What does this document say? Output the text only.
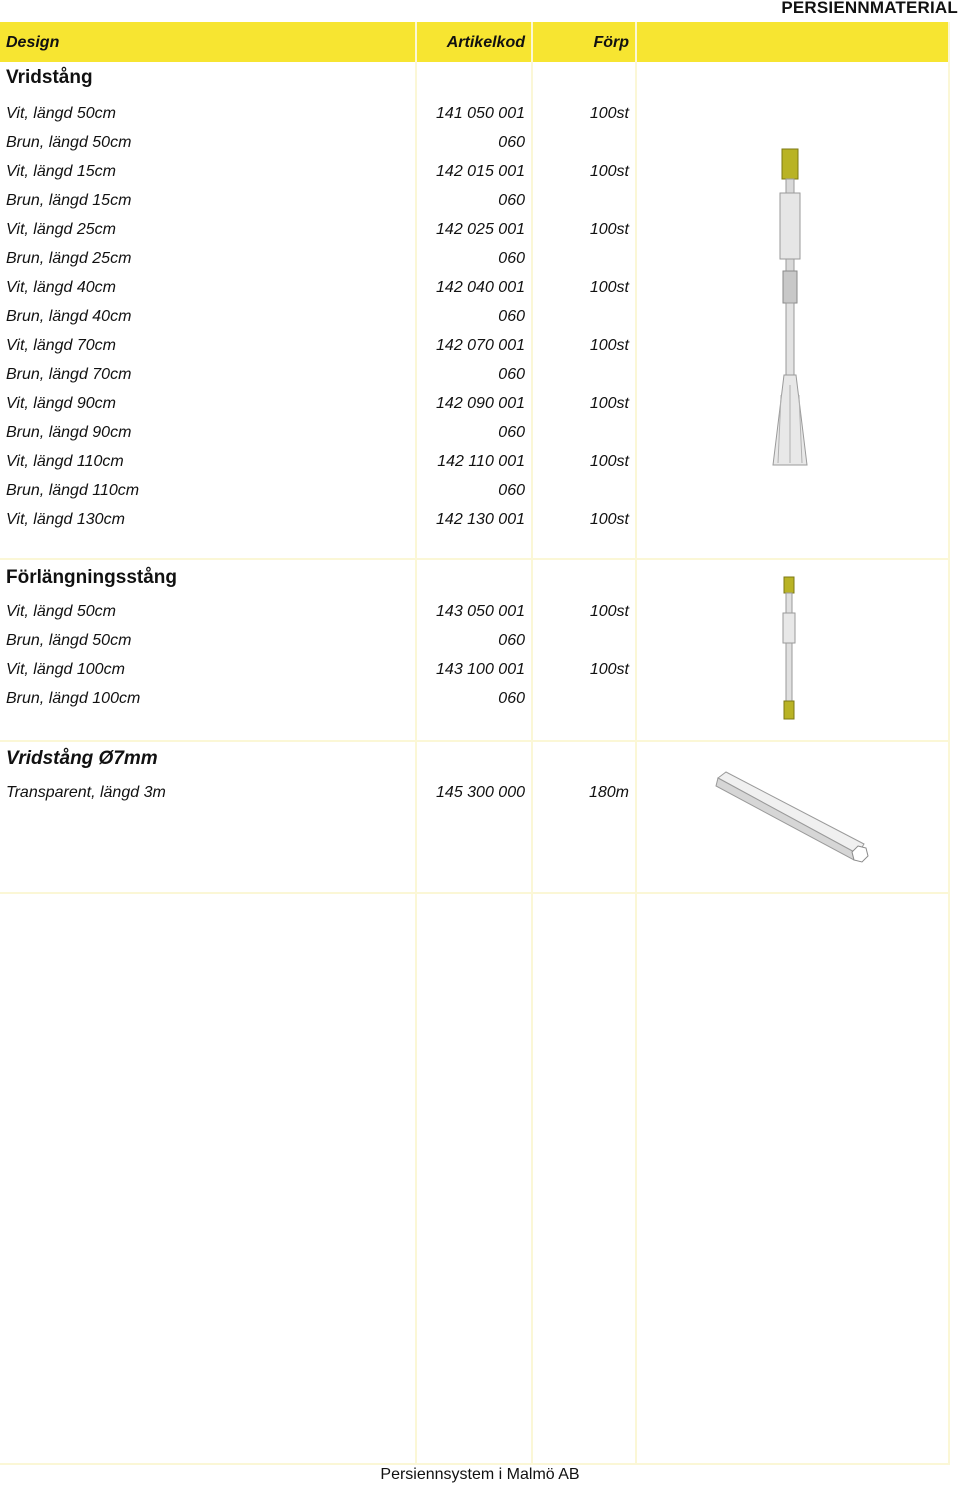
PERSIENNMATERIAL
Design	Artikelkod	Förp
Vridstång
Vit, längd 50cm	141 050 001	100st
Brun, längd 50cm	060
Vit, längd 15cm	142 015 001	100st
Brun, längd 15cm	060
Vit, längd 25cm	142 025 001	100st
Brun, längd 25cm	060
Vit, längd 40cm	142 040 001	100st
Brun, längd 40cm	060
Vit, längd 70cm	142 070 001	100st
Brun, längd 70cm	060
Vit, längd 90cm	142 090 001	100st
Brun, längd 90cm	060
Vit, längd 110cm	142 110 001	100st
Brun, längd 110cm	060
Vit, längd 130cm	142 130 001	100st
Förlängningsstång
Vit, längd 50cm	143 050 001	100st
Brun, längd 50cm	060
Vit, längd 100cm	143 100 001	100st
Brun, längd 100cm	060
Vridstång Ø7mm
Transparent, längd 3m	145 300 000	180m
Persiennsystem i Malmö AB
